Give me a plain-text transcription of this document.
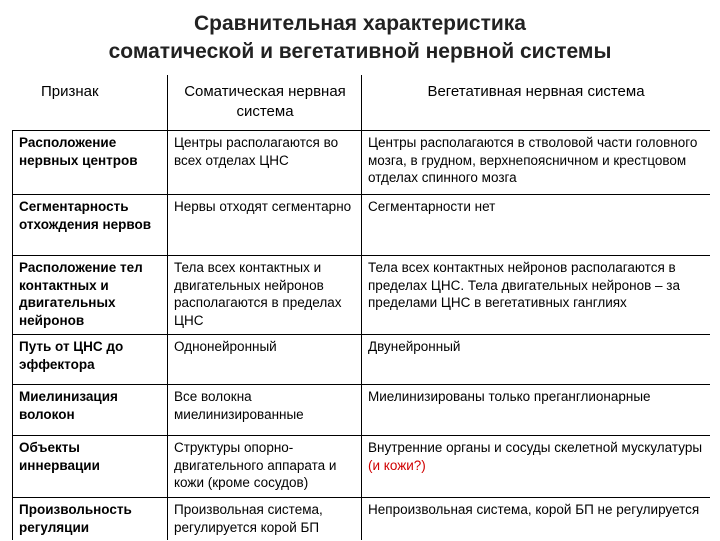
Сравнительная характеристика
соматической и вегетативной нервной системы
Признак	Соматическая нервная система	Вегетативная нервная система
Расположение нервных центров	Центры располагаются во всех отделах ЦНС	Центры располагаются в стволовой части головного мозга, в грудном, верхнепоясничном и крестцовом отделах спинного мозга
Сегментарность отхождения нервов	Нервы отходят сегментарно	Сегментарности нет
Расположение тел контактных и двигательных нейронов	Тела всех контактных и двигательных нейронов располагаются в пределах ЦНС	Тела всех контактных нейронов располагаются в пределах ЦНС. Тела двигательных нейронов – за пределами ЦНС в вегетативных ганглиях
Путь от ЦНС до эффектора	Однонейронный	Двунейронный
Миелинизация волокон	Все волокна миелинизированные	Миелинизированы только преганглионарные
Объекты иннервации	Структуры опорно-двигательного аппарата и кожи (кроме сосудов)	Внутренние органы и сосуды скелетной мускулатуры (и кожи?)
Произвольность регуляции	Произвольная система, регулируется корой БП	Непроизвольная система, корой БП не регулируется
